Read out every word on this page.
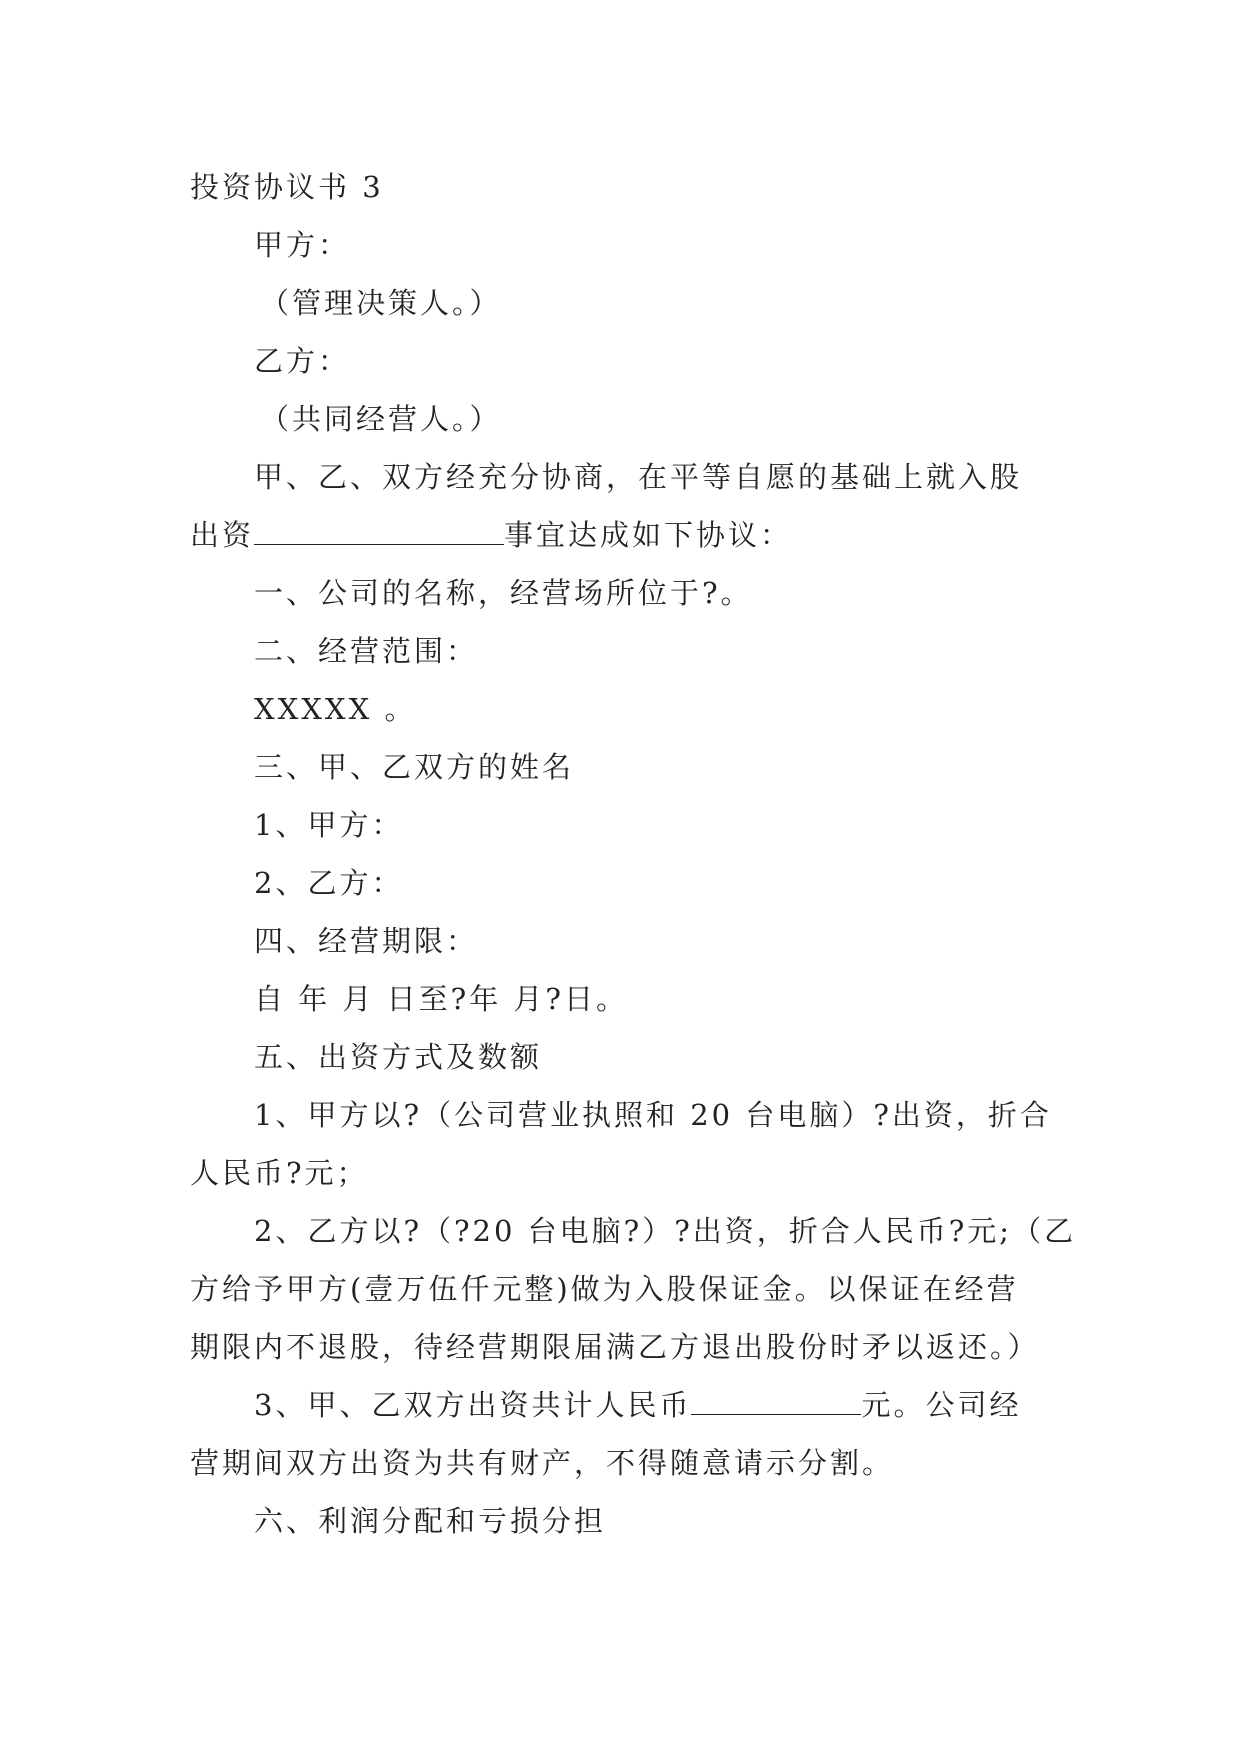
投资协议书 3
甲方：
（管理决策人。）
乙方：
（共同经营人。）
甲、乙、双方经充分协商，在平等自愿的基础上就入股
出资	事宜达成如下协议：
一、公司的名称，经营场所位于?。
二、经营范围：
XXXXX 。
三、甲、乙双方的姓名
1、甲方：
2、乙方：
四、经营期限：
自 年 月 日至?年 月?日。
五、出资方式及数额
1、甲方以?（公司营业执照和 20 台电脑）?出资，折合
人民币?元；
2、乙方以?（?20 台电脑?）?出资，折合人民币?元;（乙
方给予甲方(壹万伍仟元整)做为入股保证金。以保证在经营
期限内不退股，待经营期限届满乙方退出股份时矛以返还。）
3、甲、乙双方出资共计人民币	元。公司经
营期间双方出资为共有财产，不得随意请示分割。
六、利润分配和亏损分担
